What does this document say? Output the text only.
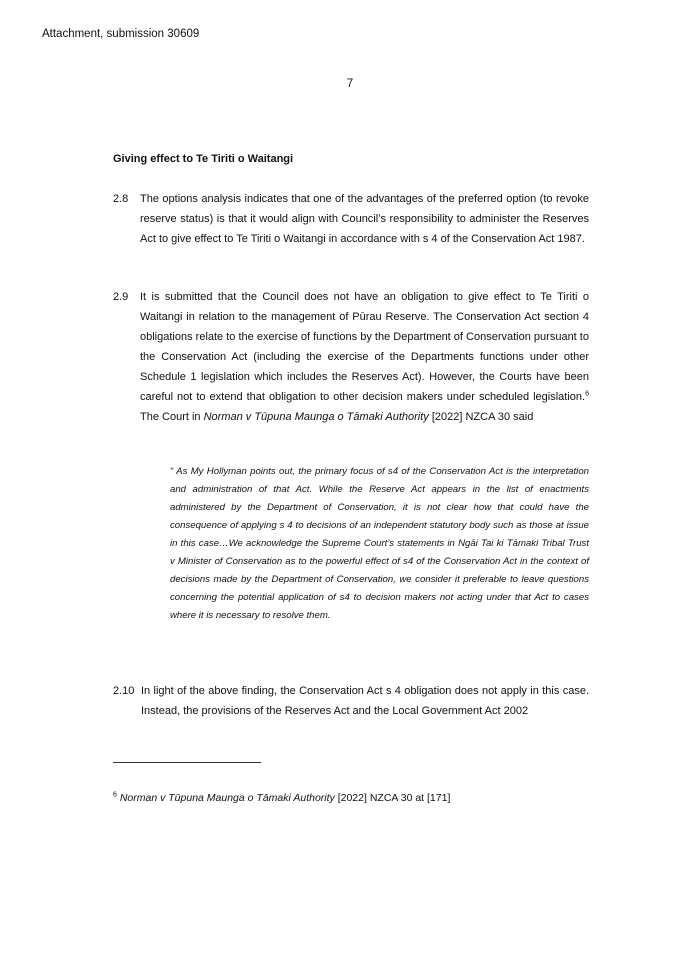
Attachment, submission 30609
7
Giving effect to Te Tiriti o Waitangi
2.8 The options analysis indicates that one of the advantages of the preferred option (to revoke reserve status) is that it would align with Council’s responsibility to administer the Reserves Act to give effect to Te Tiriti o Waitangi in accordance with s 4 of the Conservation Act 1987.
2.9 It is submitted that the Council does not have an obligation to give effect to Te Tiriti o Waitangi in relation to the management of Pūrau Reserve. The Conservation Act section 4 obligations relate to the exercise of functions by the Department of Conservation pursuant to the Conservation Act (including the exercise of the Departments functions under other Schedule 1 legislation which includes the Reserves Act). However, the Courts have been careful not to extend that obligation to other decision makers under scheduled legislation.$^6$ The Court in Norman v Tūpuna Maunga o Tāmaki Authority [2022] NZCA 30 said
“ As My Hollyman points out, the primary focus of s4 of the Conservation Act is the interpretation and administration of that Act. While the Reserve Act appears in the list of enactments administered by the Department of Conservation, it is not clear how that could have the consequence of applying s 4 to decisions of an independent statutory body such as those at issue in this case…We acknowledge the Supreme Court’s statements in Ngāi Tai ki Tāmaki Tribal Trust v Minister of Conservation as to the powerful effect of s4 of the Conservation Act in the context of decisions made by the Department of Conservation, we consider it preferable to leave questions concerning the potential application of s4 to decision makers not acting under that Act to cases where it is necessary to resolve them.
2.10 In light of the above finding, the Conservation Act s 4 obligation does not apply in this case. Instead, the provisions of the Reserves Act and the Local Government Act 2002
$^6$ Norman v Tūpuna Maunga o Tāmaki Authority [2022] NZCA 30 at [171]
